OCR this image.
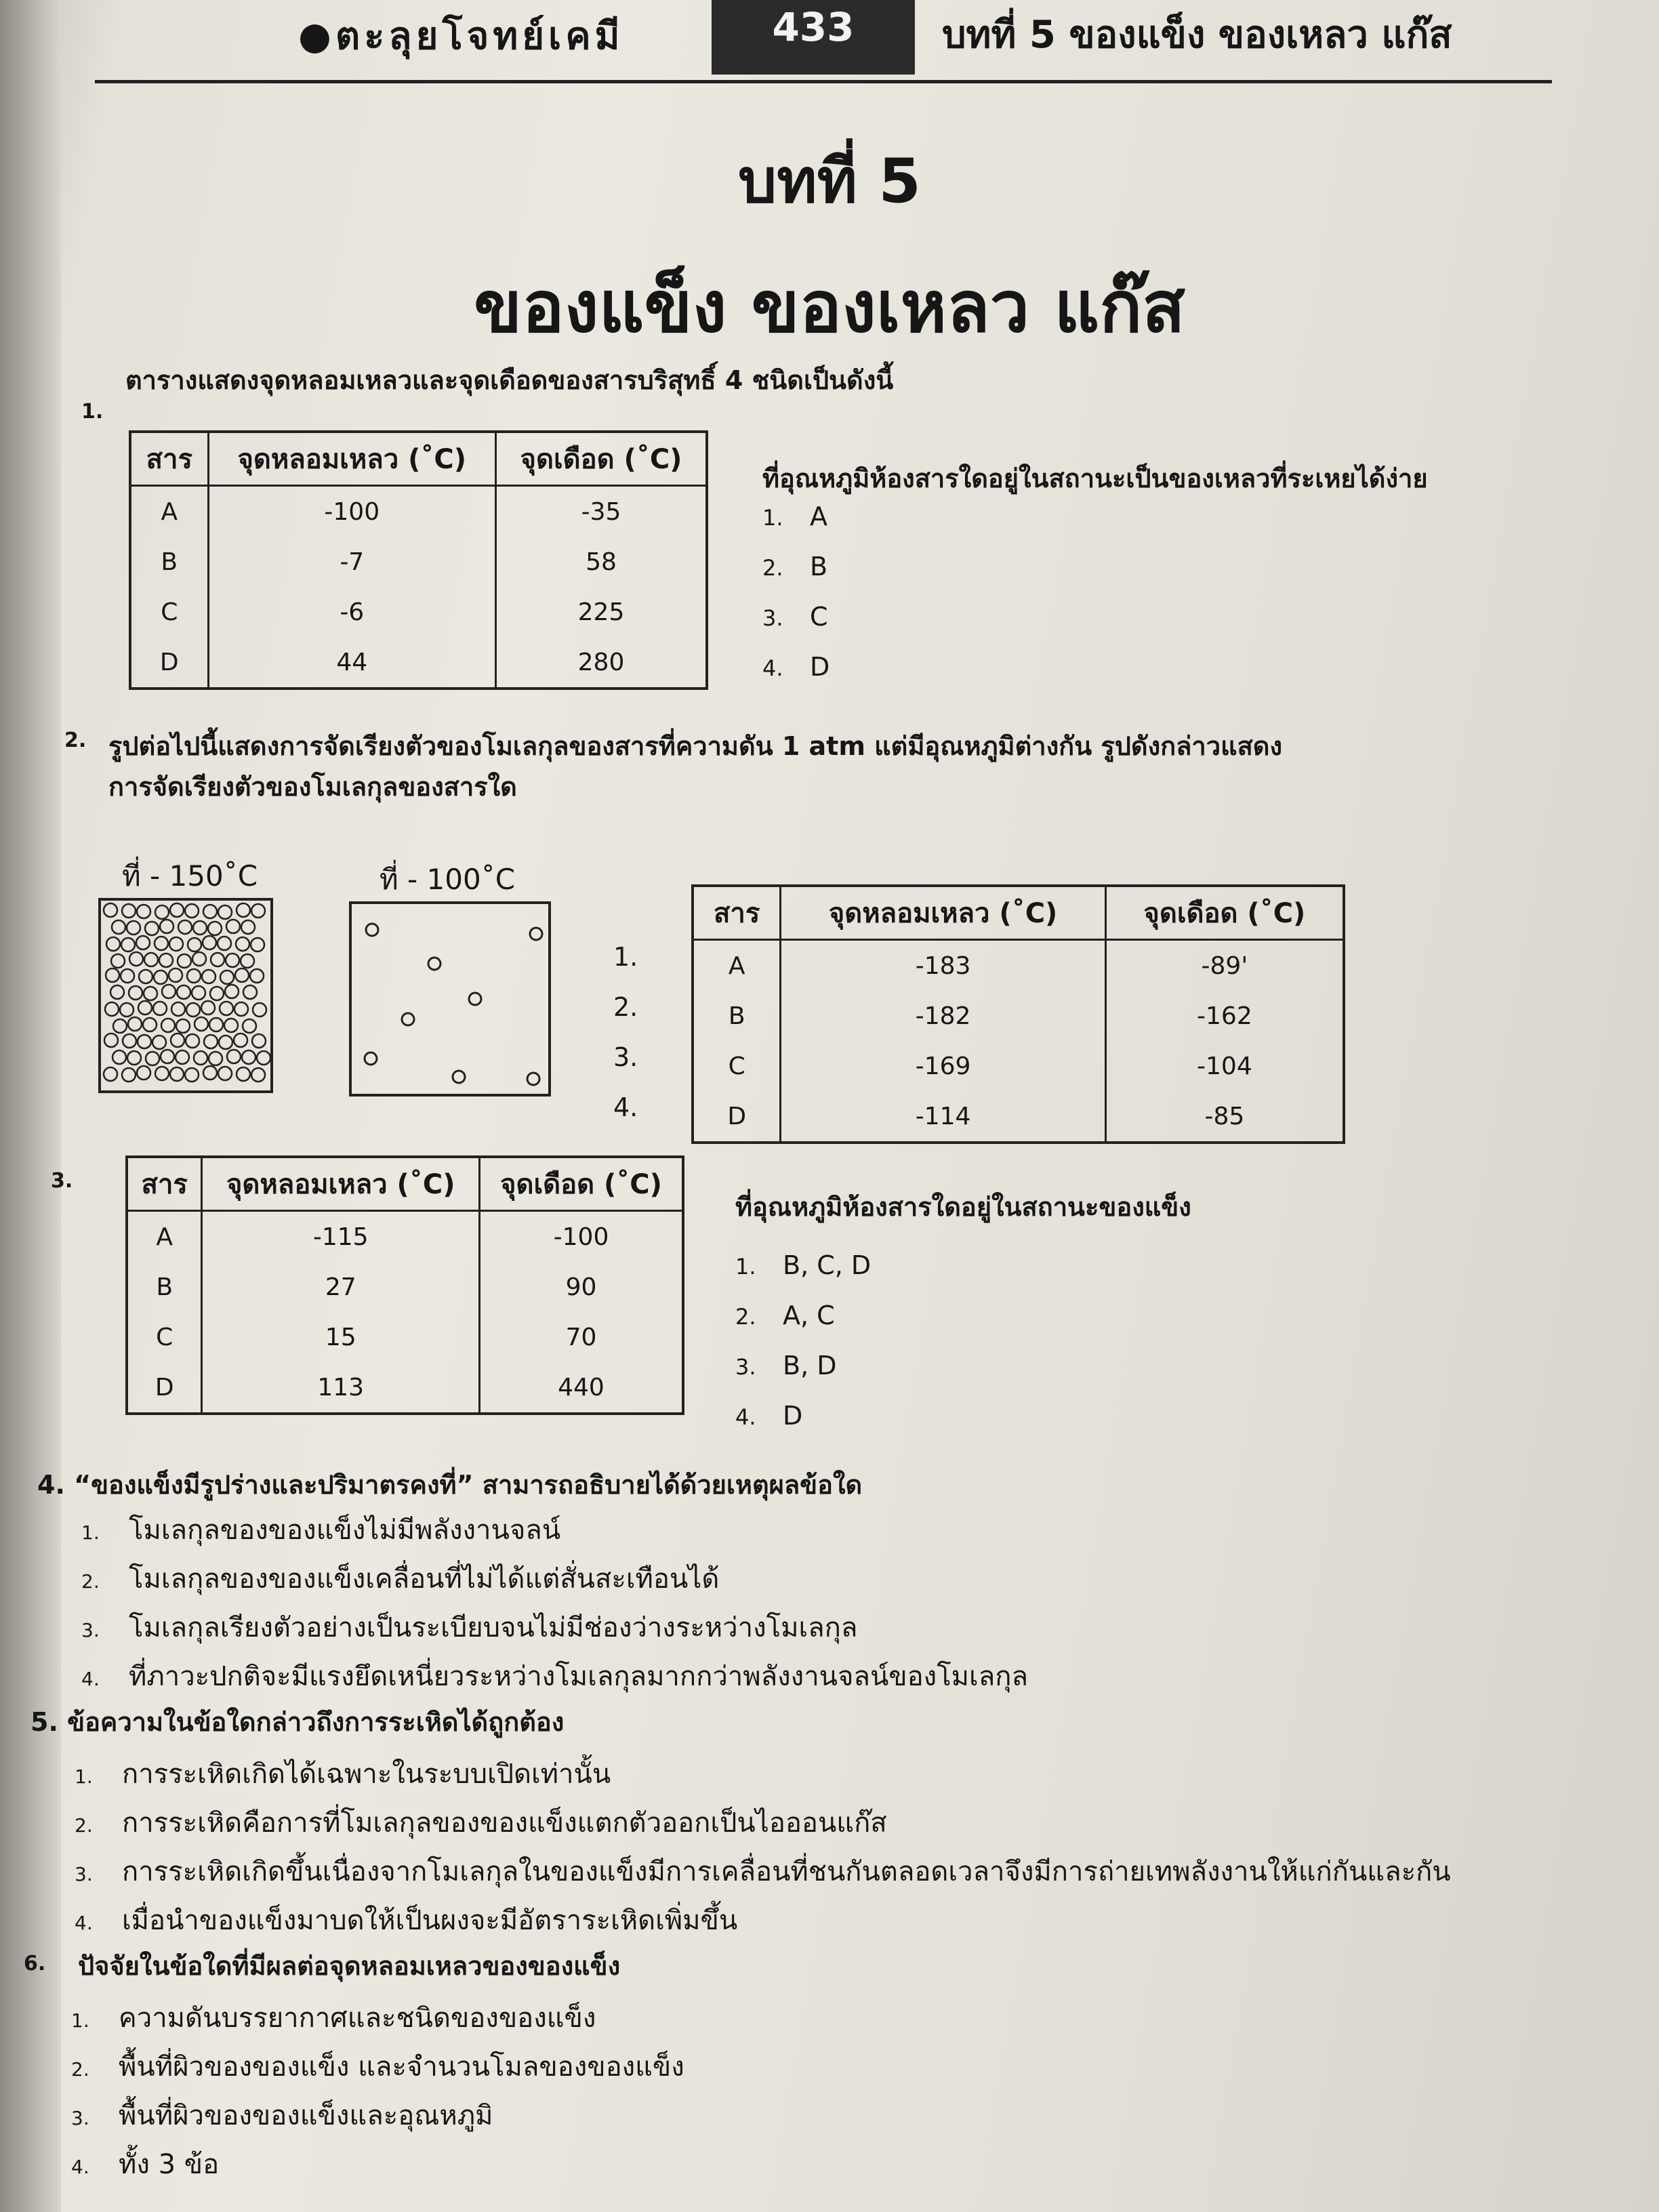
●ตะลุยโจทย์เคมี	433	บทที่ 5 ของแข็ง ของเหลว แก๊ส
บทที่ 5
ของแข็ง ของเหลว แก๊ส
1.
ตารางแสดงจุดหลอมเหลวและจุดเดือดของสารบริสุทธิ์ 4 ชนิดเป็นดังนี้
สาร	จุดหลอมเหลว (˚C)	จุดเดือด (˚C)
A	-100	-35
B	-7	58
C	-6	225
D	44	280
ที่อุณหภูมิห้องสารใดอยู่ในสถานะเป็นของเหลวที่ระเหยได้ง่าย
1. A
2. B
3. C
4. D
2. รูปต่อไปนี้แสดงการจัดเรียงตัวของโมเลกุลของสารที่ความดัน 1 atm แต่มีอุณหภูมิต่างกัน รูปดังกล่าวแสดง
การจัดเรียงตัวของโมเลกุลของสารใด
ที่ - 150˚C	ที่ - 100˚C
1.
2.
3.
4.
สาร	จุดหลอมเหลว (˚C)	จุดเดือด (˚C)
A	-183	-89'
B	-182	-162
C	-169	-104
D	-114	-85
3.	สาร	จุดหลอมเหลว (˚C)	จุดเดือด (˚C)
A	-115	-100
B	27	90
C	15	70
D	113	440
ที่อุณหภูมิห้องสารใดอยู่ในสถานะของแข็ง
1. B, C, D
2. A, C
3. B, D
4. D
4. “ของแข็งมีรูปร่างและปริมาตรคงที่” สามารถอธิบายได้ด้วยเหตุผลข้อใด
1. โมเลกุลของของแข็งไม่มีพลังงานจลน์
2. โมเลกุลของของแข็งเคลื่อนที่ไม่ได้แต่สั่นสะเทือนได้
3. โมเลกุลเรียงตัวอย่างเป็นระเบียบจนไม่มีช่องว่างระหว่างโมเลกุล
4. ที่ภาวะปกติจะมีแรงยึดเหนี่ยวระหว่างโมเลกุลมากกว่าพลังงานจลน์ของโมเลกุล
5. ข้อความในข้อใดกล่าวถึงการระเหิดได้ถูกต้อง
1. การระเหิดเกิดได้เฉพาะในระบบเปิดเท่านั้น
2. การระเหิดคือการที่โมเลกุลของของแข็งแตกตัวออกเป็นไอออนแก๊ส
3. การระเหิดเกิดขึ้นเนื่องจากโมเลกุลในของแข็งมีการเคลื่อนที่ชนกันตลอดเวลาจึงมีการถ่ายเทพลังงานให้แก่กันและกัน
4. เมื่อนำของแข็งมาบดให้เป็นผงจะมีอัตราระเหิดเพิ่มขึ้น
6. ปัจจัยในข้อใดที่มีผลต่อจุดหลอมเหลวของของแข็ง
1. ความดันบรรยากาศและชนิดของของแข็ง
2. พื้นที่ผิวของของแข็ง และจำนวนโมลของของแข็ง
3. พื้นที่ผิวของของแข็งและอุณหภูมิ
4. ทั้ง 3 ข้อ
